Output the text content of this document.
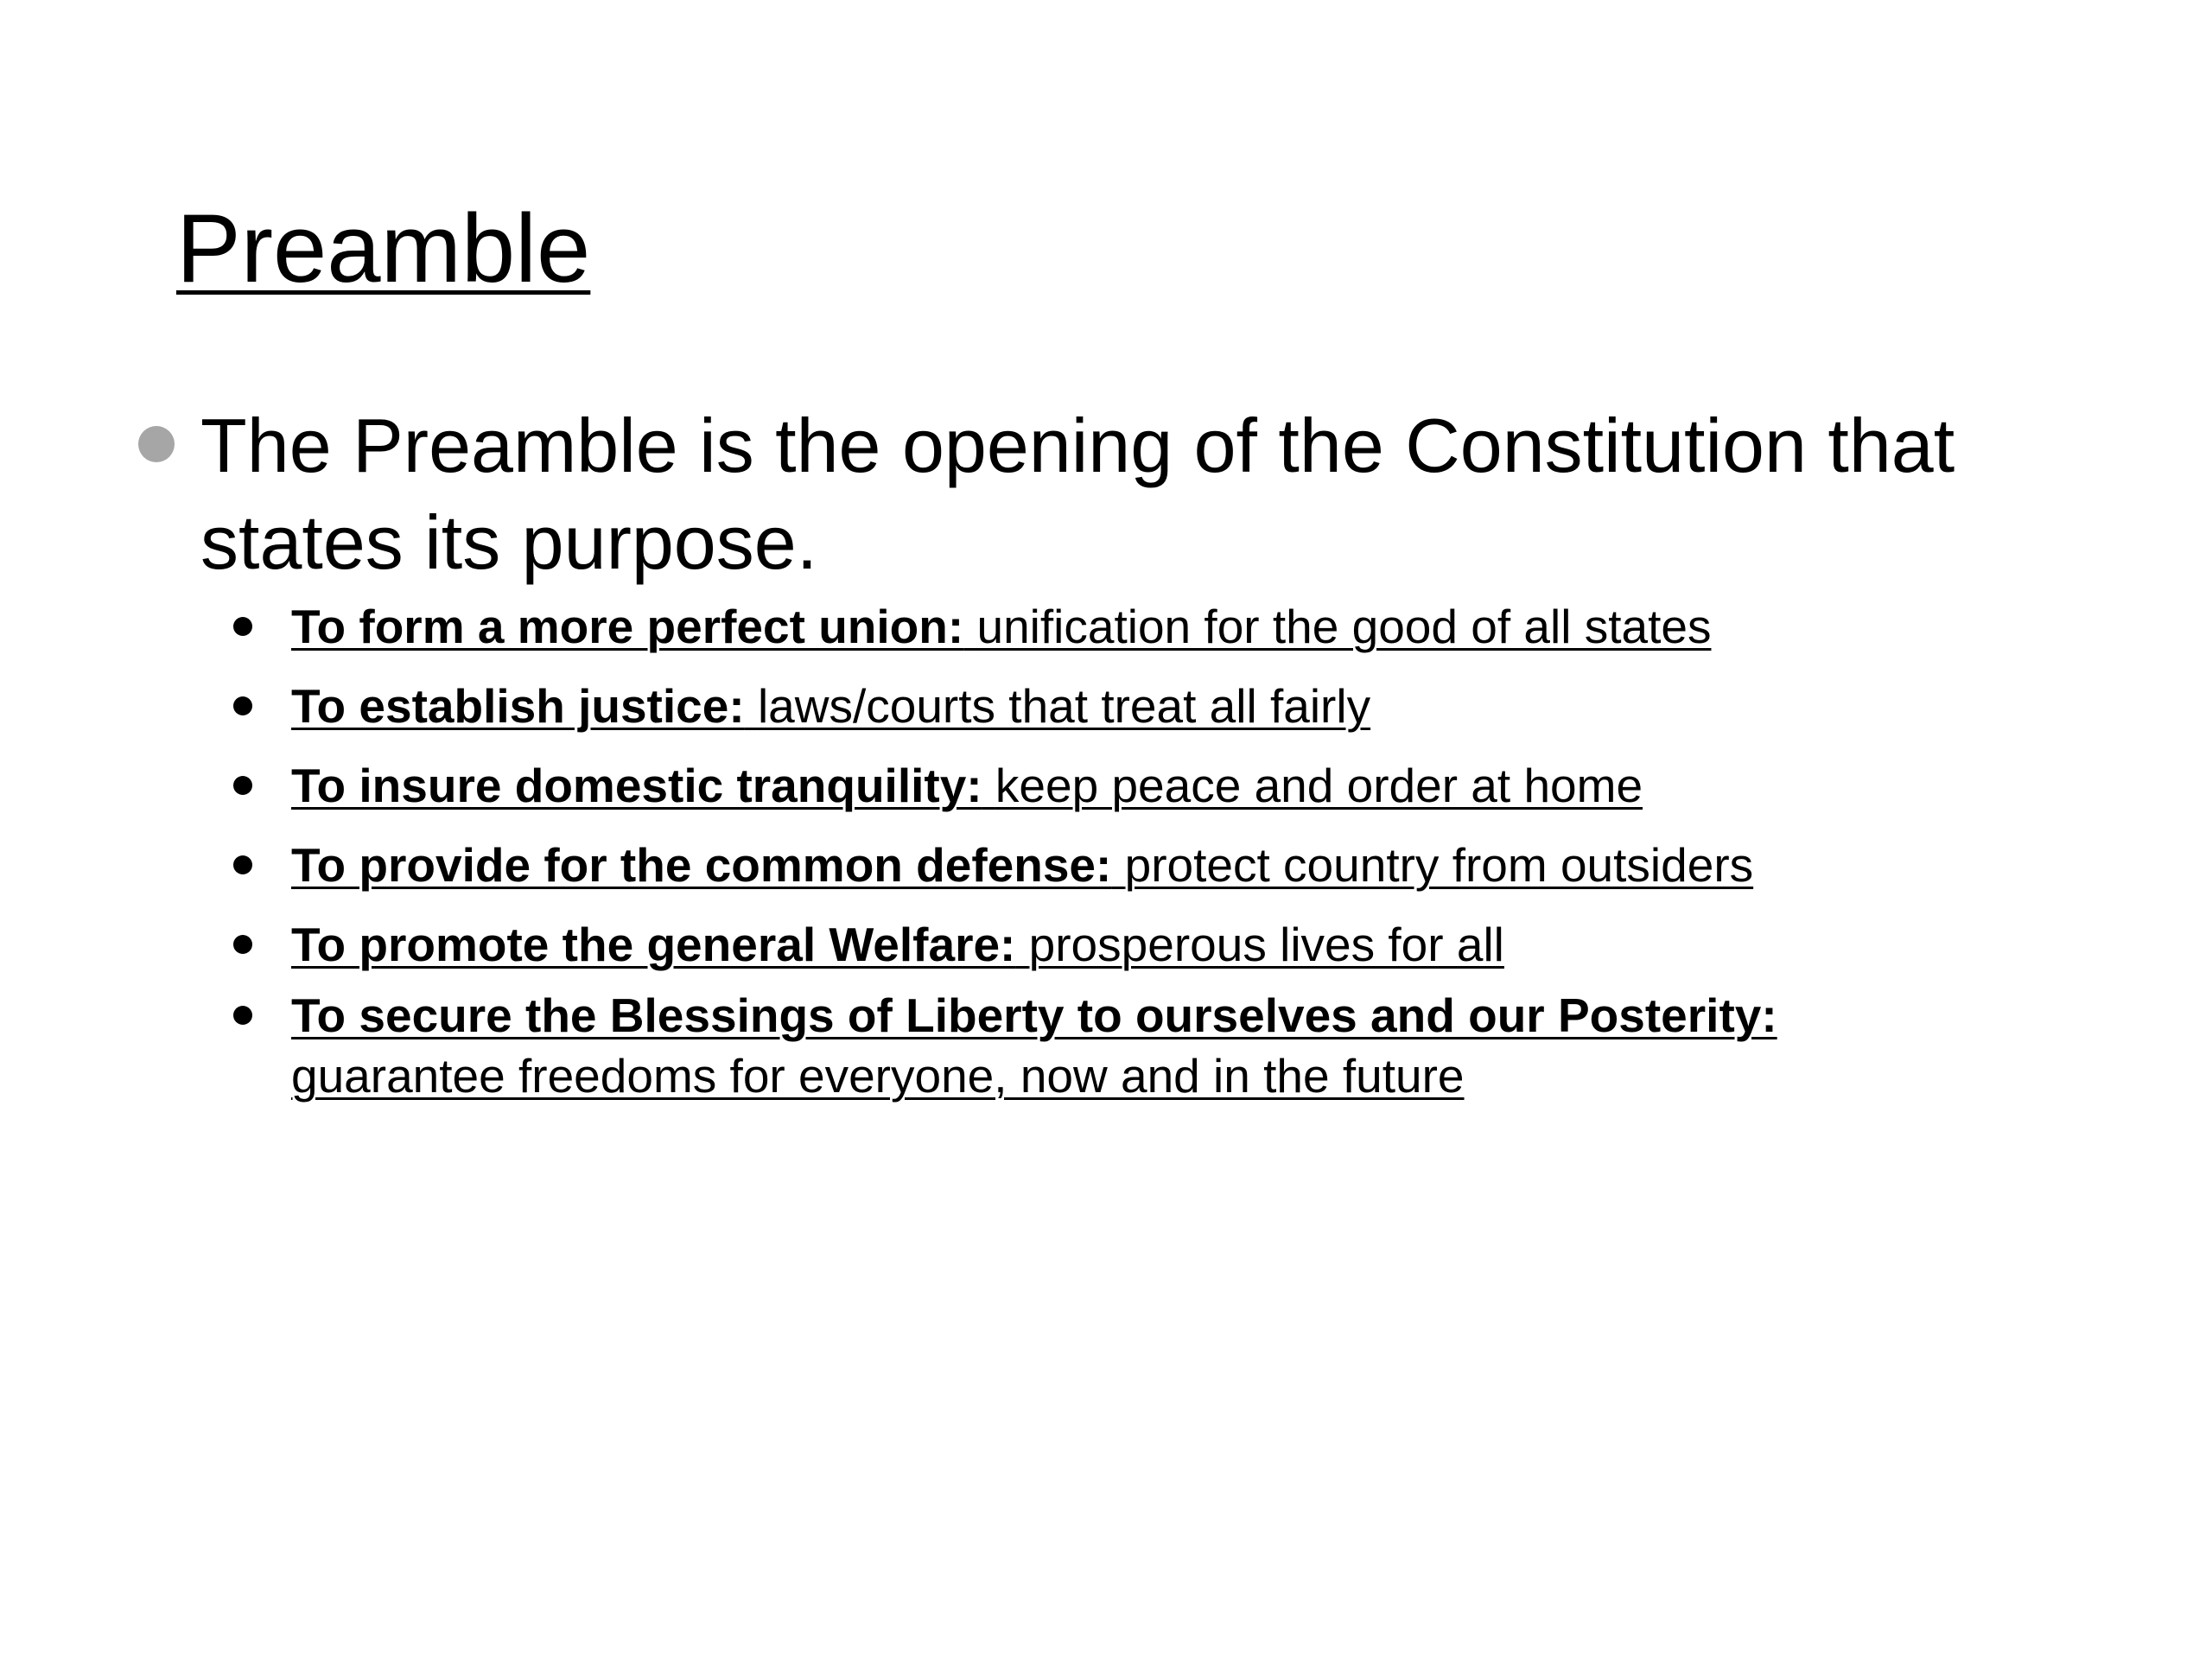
Preamble
The Preamble is the opening of the Constitution that states its purpose.
To form a more perfect union: unification for the good of all states
To establish justice: laws/courts that treat all fairly
To insure domestic tranquility: keep peace and order at home
To provide for the common defense: protect country from outsiders
To promote the general Welfare: prosperous lives for all
To secure the Blessings of Liberty to ourselves and our Posterity:
guarantee freedoms for everyone, now and in the future
